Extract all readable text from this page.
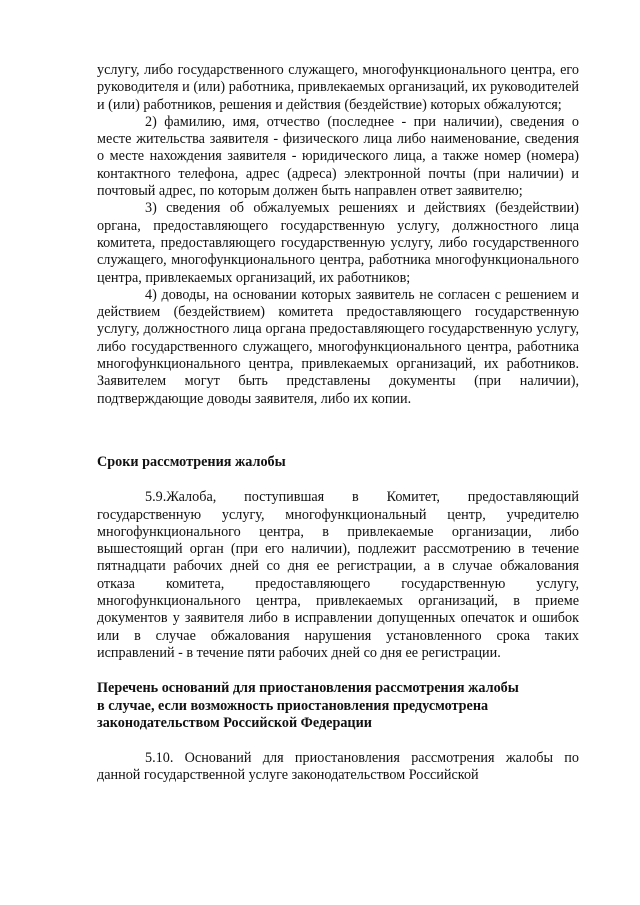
услугу, либо государственного служащего, многофункционального центра, его руководителя и (или) работника, привлекаемых организаций, их руководителей и (или) работников, решения и действия (бездействие) которых обжалуются;

2) фамилию, имя, отчество (последнее - при наличии), сведения о месте жительства заявителя - физического лица либо наименование, сведения о месте нахождения заявителя - юридического лица, а также номер (номера) контактного телефона, адрес (адреса) электронной почты (при наличии) и почтовый адрес, по которым должен быть направлен ответ заявителю;

3) сведения об обжалуемых решениях и действиях (бездействии) органа, предоставляющего государственную услугу, должностного лица комитета, предоставляющего государственную услугу, либо государственного служащего, многофункционального центра, работника многофункционального центра, привлекаемых организаций, их работников;

4) доводы, на основании которых заявитель не согласен с решением и действием (бездействием) комитета предоставляющего государственную услугу, должностного лица органа предоставляющего государственную услугу, либо государственного служащего, многофункционального центра, работника многофункционального центра, привлекаемых организаций, их работников. Заявителем могут быть представлены документы (при наличии), подтверждающие доводы заявителя, либо их копии.

Сроки рассмотрения жалобы

5.9.Жалоба, поступившая в Комитет, предоставляющий государственную услугу, многофункциональный центр, учредителю многофункционального центра, в привлекаемые организации, либо вышестоящий орган (при его наличии), подлежит рассмотрению в течение пятнадцати рабочих дней со дня ее регистрации, а в случае обжалования отказа комитета, предоставляющего государственную услугу, многофункционального центра, привлекаемых организаций, в приеме документов у заявителя либо в исправлении допущенных опечаток и ошибок или в случае обжалования нарушения установленного срока таких исправлений - в течение пяти рабочих дней со дня ее регистрации.

Перечень оснований для приостановления рассмотрения жалобы

в случае, если возможность приостановления предусмотрена

законодательством Российской Федерации

5.10. Оснований для приостановления рассмотрения жалобы по данной государственной услуге законодательством Российской
